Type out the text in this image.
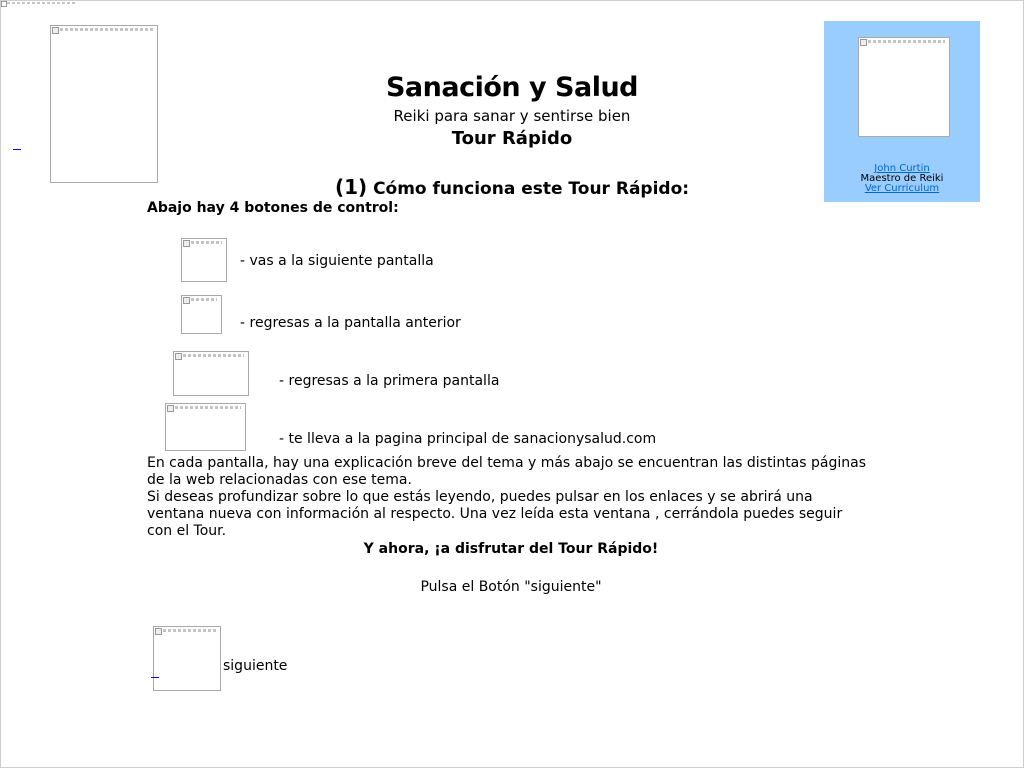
Sanación y Salud
Reiki para sanar y sentirse bien
Tour Rápido
(1) Cómo funciona este Tour Rápido:
Abajo hay 4 botones de control:
- vas a la siguiente pantalla
- regresas a la pantalla anterior
- regresas a la primera pantalla
- te lleva a la pagina principal de sanacionysalud.com

En cada pantalla, hay una explicación breve del tema y más abajo se encuentran las distintas páginas de la web relacionadas con ese tema.

Si deseas profundizar sobre lo que estás leyendo, puedes pulsar en los enlaces y se abrirá una ventana nueva con información al respecto. Una vez leída esta ventana , cerrándola puedes seguir con el Tour.

Y ahora, ¡a disfrutar del Tour Rápido!
Pulsa el Botón "siguiente"
siguiente
John Curtin
Maestro de Reiki
Ver Curriculum
